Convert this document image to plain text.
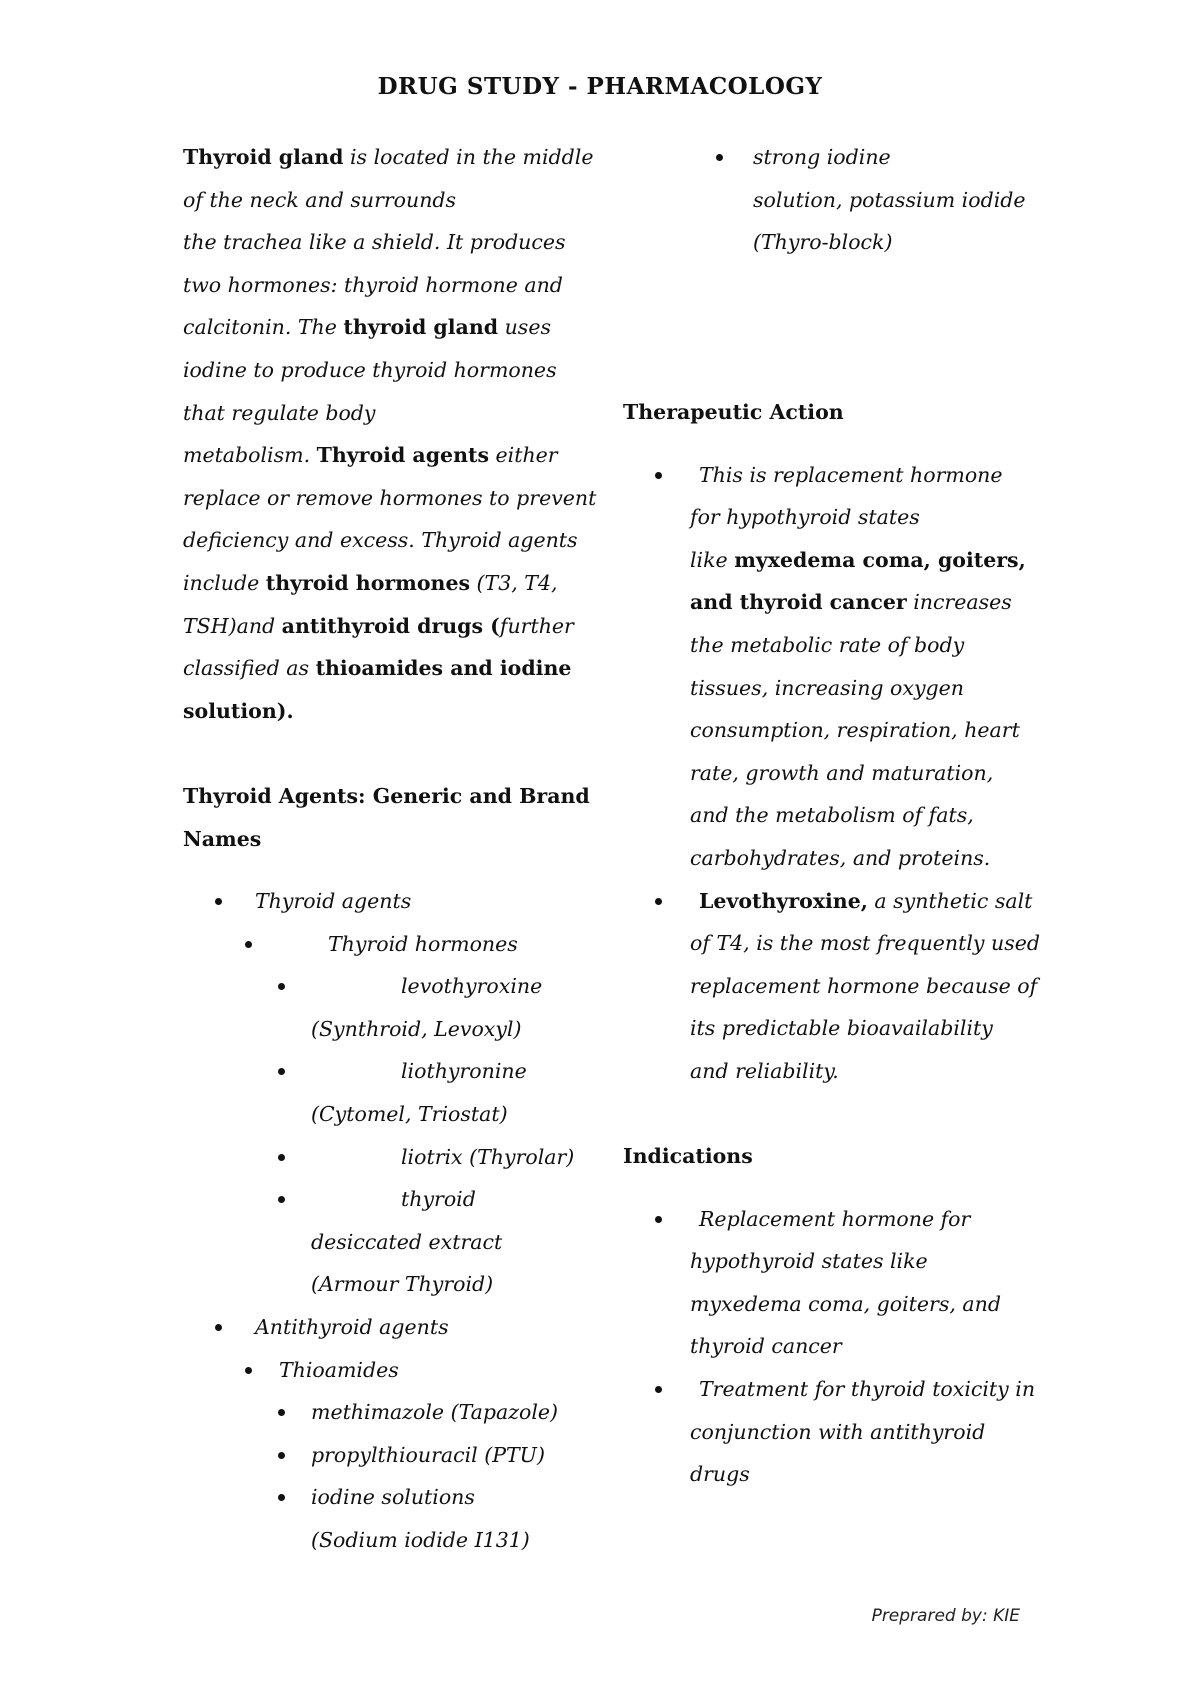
DRUG STUDY - PHARMACOLOGY
Thyroid gland is located in the middle
of the neck and surrounds
the trachea like a shield. It produces
two hormones: thyroid hormone and
calcitonin. The thyroid gland uses
iodine to produce thyroid hormones
that regulate body
metabolism. Thyroid agents either
replace or remove hormones to prevent
deficiency and excess. Thyroid agents
include thyroid hormones (T3, T4,
TSH)and antithyroid drugs (further
classified as thioamides and iodine
solution).
Thyroid Agents: Generic and Brand
Names
Thyroid agents
Thyroid hormones
levothyroxine
(Synthroid, Levoxyl)
liothyronine
(Cytomel, Triostat)
liotrix (Thyrolar)
thyroid
desiccated extract
(Armour Thyroid)
Antithyroid agents
Thioamides
methimazole (Tapazole)
propylthiouracil (PTU)
iodine solutions
(Sodium iodide I131)
strong iodine
solution, potassium iodide
(Thyro-block)
Therapeutic Action
This is replacement hormone
for hypothyroid states
like myxedema coma, goiters,
and thyroid cancer increases
the metabolic rate of body
tissues, increasing oxygen
consumption, respiration, heart
rate, growth and maturation,
and the metabolism of fats,
carbohydrates, and proteins.
Levothyroxine, a synthetic salt
of T4, is the most frequently used
replacement hormone because of
its predictable bioavailability
and reliability.
Indications
Replacement hormone for
hypothyroid states like
myxedema coma, goiters, and
thyroid cancer
Treatment for thyroid toxicity in
conjunction with antithyroid
drugs
Preprared by: KIE
